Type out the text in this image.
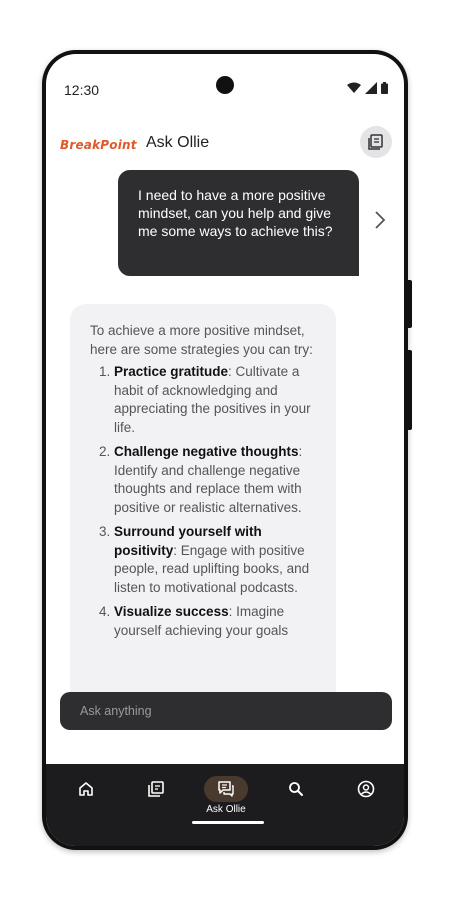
12:30
BreakPoint Ask Ollie
I need to have a more positive mindset, can you help and give me some ways to achieve this?

To achieve a more positive mindset, here are some strategies you can try:

1. Practice gratitude: Cultivate a habit of acknowledging and appreciating the positives in your life.
2. Challenge negative thoughts: Identify and challenge negative thoughts and replace them with positive or realistic alternatives.
3. Surround yourself with positivity: Engage with positive people, read uplifting books, and listen to motivational podcasts.
4. Visualize success: Imagine yourself achieving your goals
Ask anything
Ask Ollie
